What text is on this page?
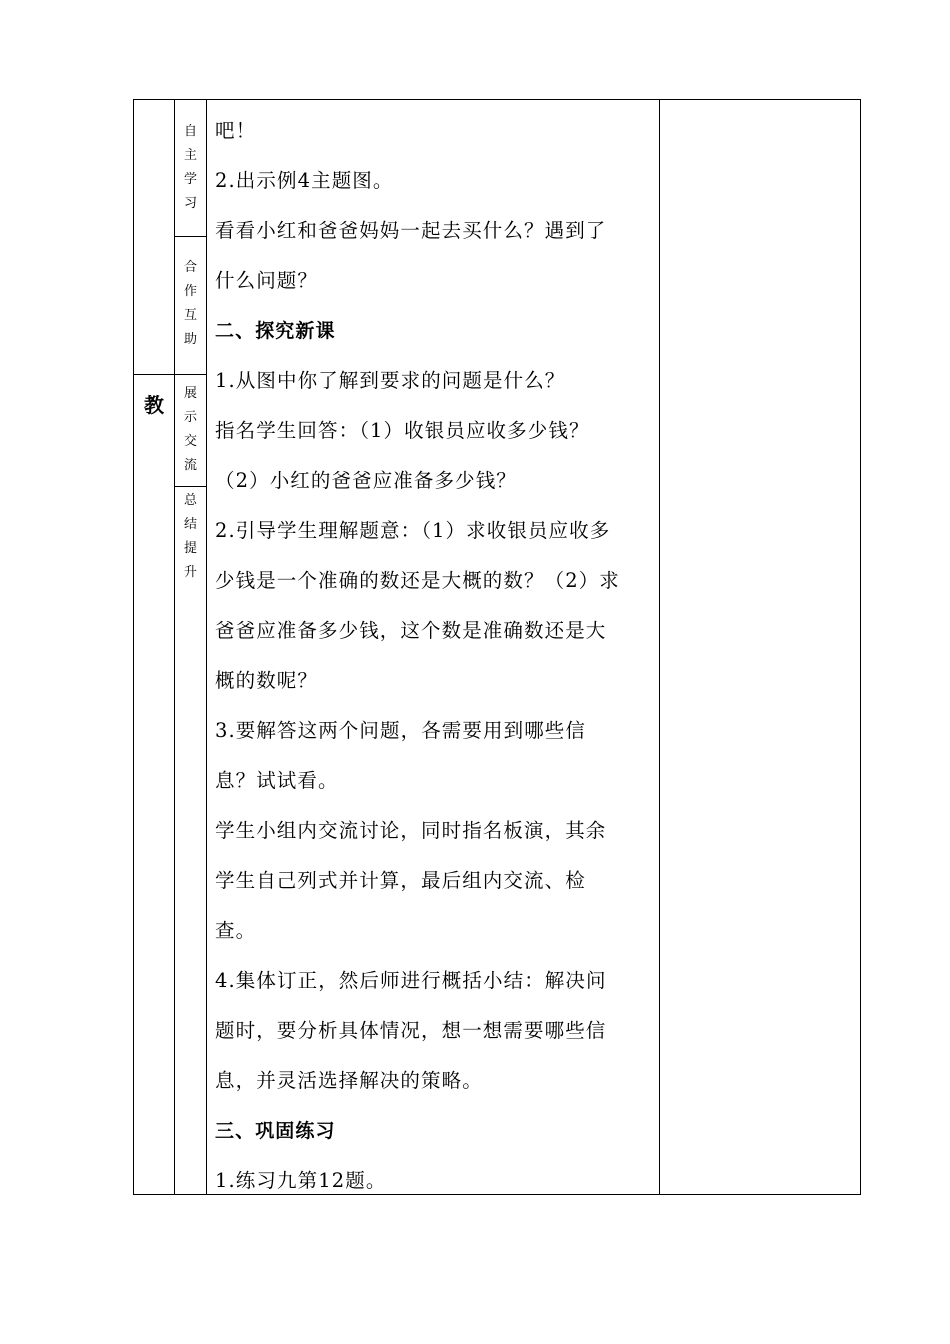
教
自
主
学
习
合
作
互
助
展
示
交
流
总
结
提
升
吧！
2.出示例4主题图。
看看小红和爸爸妈妈一起去买什么？遇到了
什么问题？
二、探究新课
1.从图中你了解到要求的问题是什么？
指名学生回答：（1）收银员应收多少钱？
（2）小红的爸爸应准备多少钱？
2.引导学生理解题意：（1）求收银员应收多
少钱是一个准确的数还是大概的数？（2）求
爸爸应准备多少钱，这个数是准确数还是大
概的数呢？
3.要解答这两个问题，各需要用到哪些信
息？试试看。
学生小组内交流讨论，同时指名板演，其余
学生自己列式并计算，最后组内交流、检
查。
4.集体订正，然后师进行概括小结：解决问
题时，要分析具体情况，想一想需要哪些信
息，并灵活选择解决的策略。
三、巩固练习
1.练习九第12题。
